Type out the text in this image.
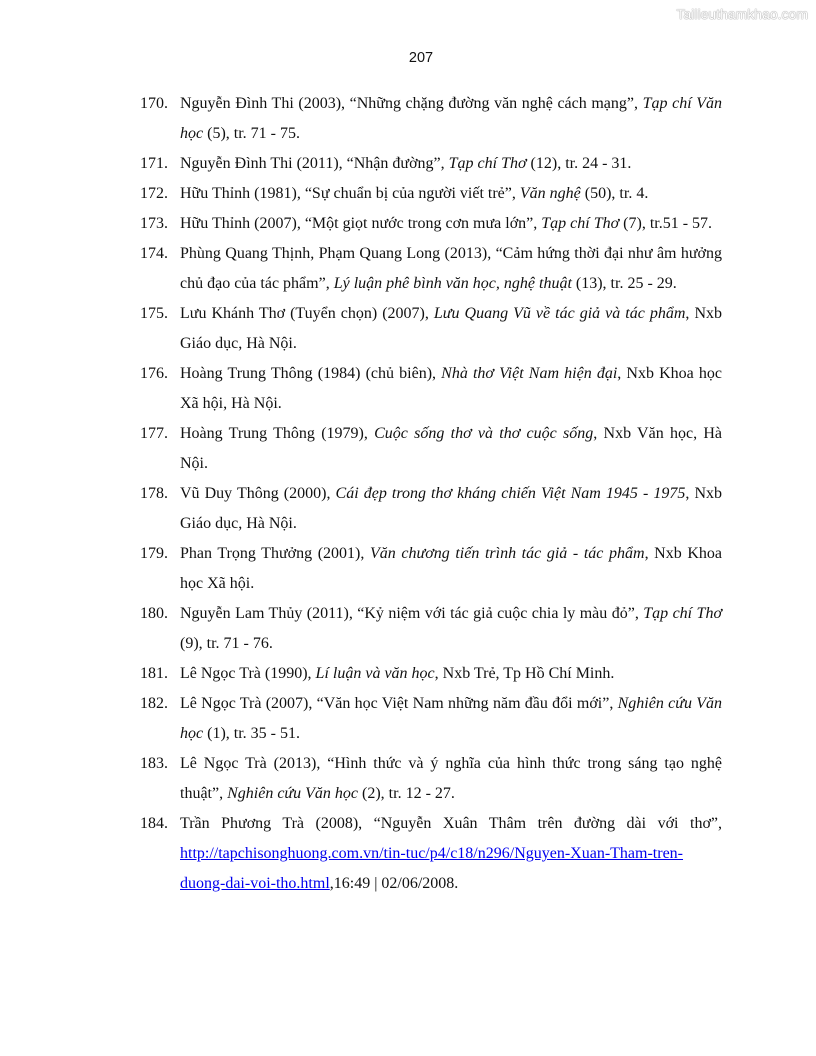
Tailieuthamkhao.com
207
170. Nguyễn Đình Thi (2003), “Những chặng đường văn nghệ cách mạng”, Tạp chí Văn học (5), tr. 71 - 75.
171. Nguyễn Đình Thi (2011), “Nhận đường”, Tạp chí Thơ (12), tr. 24 - 31.
172. Hữu Thỉnh (1981), “Sự chuẩn bị của người viết trẻ”, Văn nghệ (50), tr. 4.
173. Hữu Thỉnh (2007), “Một giọt nước trong cơn mưa lớn”, Tạp chí Thơ (7), tr.51 - 57.
174. Phùng Quang Thịnh, Phạm Quang Long (2013), “Cảm hứng thời đại như âm hưởng chủ đạo của tác phẩm”, Lý luận phê bình văn học, nghệ thuật (13), tr. 25 - 29.
175. Lưu Khánh Thơ (Tuyển chọn) (2007), Lưu Quang Vũ về tác giả và tác phẩm, Nxb Giáo dục, Hà Nội.
176. Hoàng Trung Thông (1984) (chủ biên), Nhà thơ Việt Nam hiện đại, Nxb Khoa học Xã hội, Hà Nội.
177. Hoàng Trung Thông (1979), Cuộc sống thơ và thơ cuộc sống, Nxb Văn học, Hà Nội.
178. Vũ Duy Thông (2000), Cái đẹp trong thơ kháng chiến Việt Nam 1945 - 1975, Nxb Giáo dục, Hà Nội.
179. Phan Trọng Thưởng (2001), Văn chương tiến trình tác giả - tác phẩm, Nxb Khoa học Xã hội.
180. Nguyễn Lam Thủy (2011), “Kỷ niệm với tác giả cuộc chia ly màu đỏ”, Tạp chí Thơ (9), tr. 71 - 76.
181. Lê Ngọc Trà (1990), Lí luận và văn học, Nxb Trẻ, Tp Hồ Chí Minh.
182. Lê Ngọc Trà (2007), “Văn học Việt Nam những năm đầu đổi mới”, Nghiên cứu Văn học (1), tr. 35 - 51.
183. Lê Ngọc Trà (2013), “Hình thức và ý nghĩa của hình thức trong sáng tạo nghệ thuật”, Nghiên cứu Văn học (2), tr. 12 - 27.
184. Trần Phương Trà (2008), “Nguyễn Xuân Thâm trên đường dài với thơ”, http://tapchisonghuong.com.vn/tin-tuc/p4/c18/n296/Nguyen-Xuan-Tham-tren-duong-dai-voi-tho.html,16:49 | 02/06/2008.
